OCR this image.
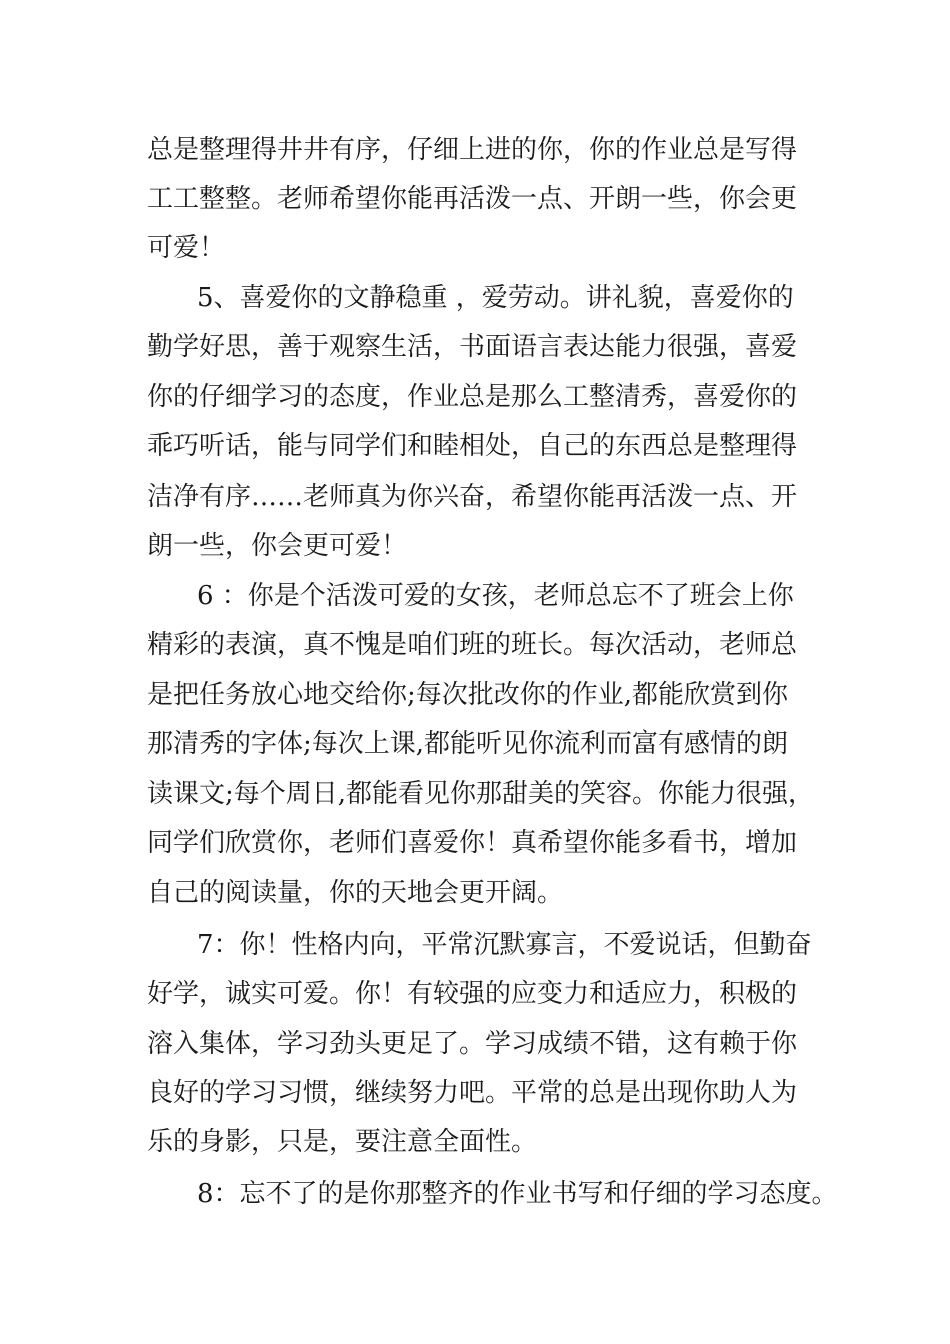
总是整理得井井有序，仔细上进的你，你的作业总是写得
工工整整。老师希望你能再活泼一点、开朗一些，你会更
可爱！
5、喜爱你的文静稳重 ，爱劳动。讲礼貌，喜爱你的
勤学好思，善于观察生活，书面语言表达能力很强，喜爱
你的仔细学习的态度，作业总是那么工整清秀，喜爱你的
乖巧听话，能与同学们和睦相处，自己的东西总是整理得
洁净有序……老师真为你兴奋，希望你能再活泼一点、开
朗一些，你会更可爱！
6 ：你是个活泼可爱的女孩，老师总忘不了班会上你
精彩的表演，真不愧是咱们班的班长。每次活动，老师总
是把任务放心地交给你;每次批改你的作业,都能欣赏到你
那清秀的字体;每次上课,都能听见你流利而富有感情的朗
读课文;每个周日,都能看见你那甜美的笑容。你能力很强，
同学们欣赏你，老师们喜爱你！真希望你能多看书，增加
自己的阅读量，你的天地会更开阔。
7：你！性格内向，平常沉默寡言，不爱说话，但勤奋
好学，诚实可爱。你！有较强的应变力和适应力，积极的
溶入集体，学习劲头更足了。学习成绩不错，这有赖于你
良好的学习习惯，继续努力吧。平常的总是出现你助人为
乐的身影，只是，要注意全面性。
8：忘不了的是你那整齐的作业书写和仔细的学习态度。
